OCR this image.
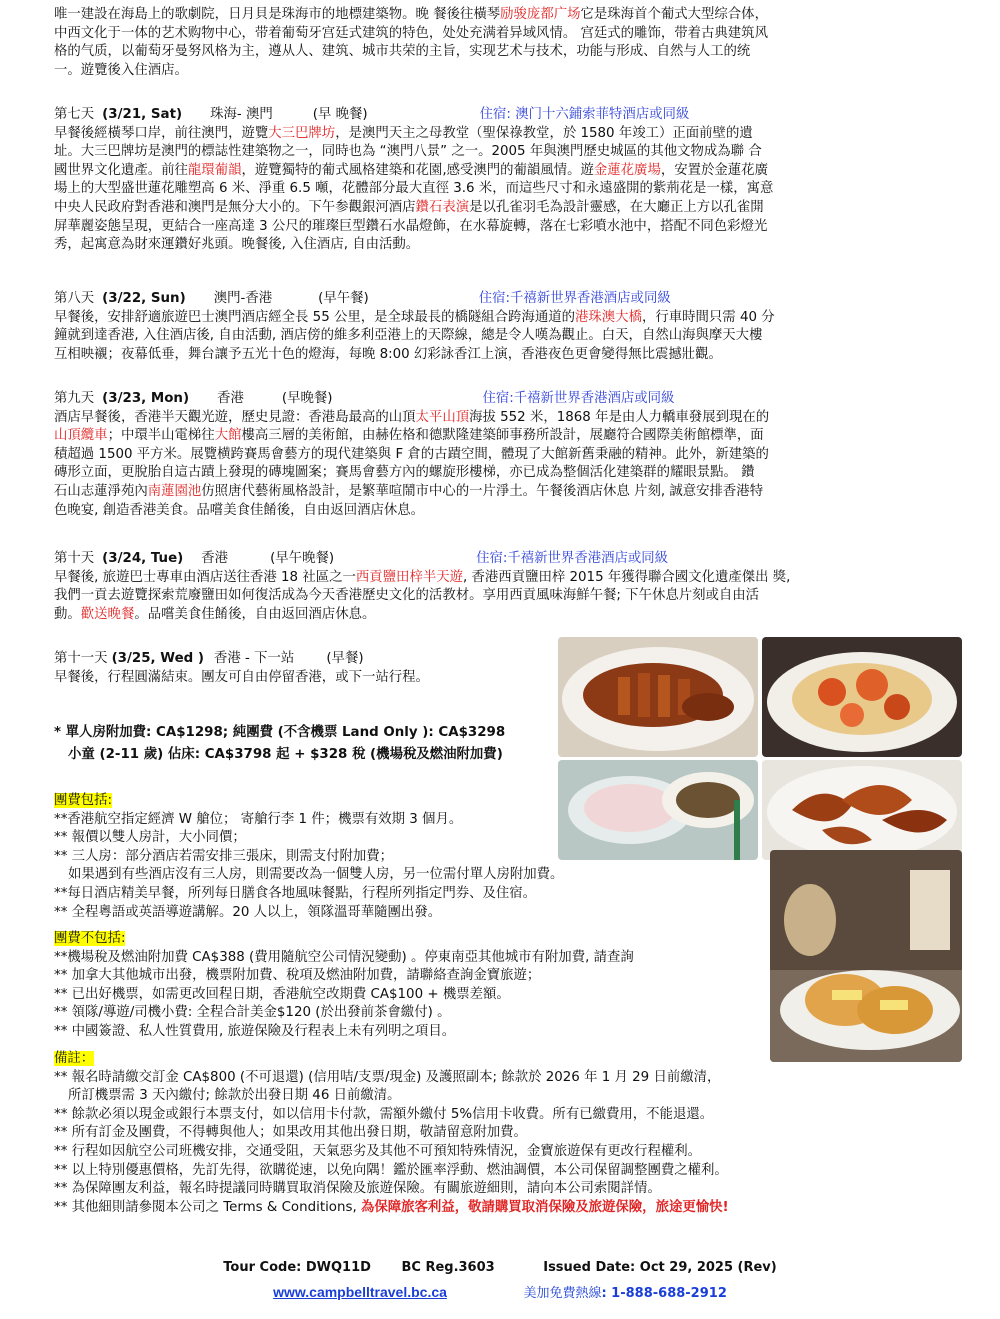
唯一建設在海島上的歌劇院，日月貝是珠海市的地標建築物。晚 餐後往橫琴励骏庞都广场它是珠海首个葡式大型综合体，
中西文化于一体的艺术购物中心，带着葡萄牙宫廷式建筑的特色，处处充满着异域风情。 宫廷式的雕饰，带着古典建筑风
格的气质，以葡萄牙曼努风格为主，遵从人、建筑、城市共荣的主旨，实现艺术与技术，功能与形成、自然与人工的统
一。遊覽後入住酒店。
第七天 (3/21, Sat) 珠海- 澳門	(早 晚餐)	住宿: 澳门十六鋪索菲特酒店或同級
早餐後經橫琴口岸，前往澳門，遊覽大三巴牌坊，是澳門天主之母教堂（聖保祿教堂，於 1580 年竣工）正面前壁的遺
址。大三巴牌坊是澳門的標誌性建築物之一，同時也為 “澳門八景” 之一。2005 年與澳門歷史城區的其他文物成為聯 合
國世界文化遺產。前往龍環葡韻，遊覽獨特的葡式風格建築和花園,感受澳門的葡韻風情。遊金蓮花廣場，安置於金蓮花廣
場上的大型盛世蓮花雕塑高 6 米、淨重 6.5 噸，花體部分最大直徑 3.6 米，而這些尺寸和永遠盛開的紫荊花是一樣，寓意
中央人民政府對香港和澳門是無分大小的。下午参觀銀河酒店鑽石表演是以孔雀羽毛為設計靈感，在大廳正上方以孔雀開
屏華麗姿態呈現，更結合一座高達 3 公尺的璀璨巨型鑽石水晶燈飾，在水幕旋轉，落在七彩噴水池中，搭配不同色彩燈光
秀，起寓意為財來運鑽好兆頭。晚餐後, 入住酒店, 自由活動。
第八天 (3/22, Sun) 澳門-香港	(早午餐)	住宿:千禧新世界香港酒店或同級
早餐後，安排舒適旅遊巴士澳門酒店經全長 55 公里，是全球最長的橋隧組合跨海通道的港珠澳大橋，行車時間只需 40 分
鐘就到達香港, 入住酒店後, 自由活動, 酒店傍的維多利亞港上的天際線，總是令人嘆為觀止。白天，自然山海與摩天大樓
互相映襯；夜幕低垂，舞台讓予五光十色的燈海，每晚 8:00 幻彩詠香江上演，香港夜色更會變得無比震撼壯觀。
第九天 (3/23, Mon) 香港	(早晚餐)	住宿:千禧新世界香港酒店或同級
酒店早餐後，香港半天觀光遊，歷史見證：香港島最高的山頂太平山頂海拔 552 米，1868 年是由人力轎車發展到現在的
山頂纜車；中環半山電梯往大館樓高三層的美術館，由赫佐格和德默隆建築師事務所設計，展廳符合國際美術館標準，面
積超過 1500 平方米。展覽横跨賽馬會藝方的現代建築與 F 倉的古蹟空間，體現了大館新舊秉融的精神。此外，新建築的
磚形立面，更脫胎自這古蹟上發現的磚塊圖案；賽馬會藝方內的螺旋形樓梯，亦已成為整個活化建築群的耀眼景點。 鑽
石山志蓮淨苑內南蓮園池仿照唐代藝術風格設計，是繁華喧鬧市中心的一片淨土。午餐後酒店休息 片刻, 誠意安排香港特
色晚宴, 創造香港美食。品嚐美食佳餚後，自由返回酒店休息。
第十天 (3/24, Tue) 香港	(早午晚餐)	住宿:千禧新世界香港酒店或同級
早餐後, 旅遊巴士專車由酒店送往香港 18 社區之一西貢鹽田梓半天遊, 香港西貢鹽田梓 2015 年獲得聯合國文化遺產傑出 獎,
我們一貢去遊覽探索荒廢鹽田如何復活成為今天香港歷史文化的活教材。享用西貢風味海鮮午餐; 下午休息片刻或自由活
動。歡送晚餐。品嚐美食佳餚後，自由返回酒店休息。
第十一天 (3/25, Wed ) 香港 - 下一站 (早餐)
早餐後，行程圓滿結束。團友可自由停留香港，或下一站行程。
* 單人房附加費: CA$1298; 純團費 (不含機票 Land Only ): CA$3298
小童 (2-11 歲) 佔床: CA$3798 起 + $328 稅 (機場稅及燃油附加費)
團費包括:
**香港航空指定經濟 W 艙位； 寄艙行李 1 件；機票有效期 3 個月。
** 報價以雙人房計，大小同價；
** 三人房：部分酒店若需安排三張床，則需支付附加費；
如果遇到有些酒店沒有三人房，則需要改為一個雙人房，另一位需付單人房附加費。
**每日酒店精美早餐，所列每日膳食各地風味餐點，行程所列指定門券、及住宿。
** 全程粵語或英語導遊講解。20 人以上，領隊溫哥華隨團出發。
團費不包括:
**機場稅及燃油附加費 CA$388 (費用隨航空公司情況變動) 。停東南亞其他城市有附加費, 請查詢
** 加拿大其他城市出發，機票附加費、稅項及燃油附加費，請聯絡查詢金寶旅遊；
** 已出好機票，如需更改回程日期，香港航空改期費 CA$100 + 機票差額。
** 領隊/導遊/司機小費: 全程合計美金$120 (於出發前茶會繳付) 。
** 中國簽證、私人性質費用, 旅遊保險及行程表上未有列明之項目。
備註：
** 報名時請繳交訂金 CA$800 (不可退還) (信用咭/支票/現金) 及護照副本; 餘款於 2026 年 1 月 29 日前繳清，
所訂機票需 3 天內繳付; 餘款於出發日期 46 日前繳清。
** 餘款必須以現金或銀行本票支付，如以信用卡付款，需額外繳付 5%信用卡收費。所有已繳費用，不能退還。
** 所有訂金及團費，不得轉與他人；如果改用其他出發日期，敬請留意附加費。
** 行程如因航空公司班機安排，交通受阻，天氣惡劣及其他不可預知特殊情況，金寶旅遊保有更改行程權利。
** 以上特別優惠價格，先訂先得，欲購從速，以免向隅！鑑於匯率浮動、燃油調價，本公司保留調整團費之權利。
** 為保障團友利益，報名時提議同時購買取消保險及旅遊保險。有關旅遊細則，請向本公司索閱詳情。
** 其他細則請參閱本公司之 Terms & Conditions, 為保障旅客利益，敬請購買取消保險及旅遊保險，旅途更愉快!
Tour Code: DWQ11D BC Reg.3603	Issued Date: Oct 29, 2025 (Rev)
www.campbelltravel.bc.ca	美加免費熱線: 1-888-688-2912
